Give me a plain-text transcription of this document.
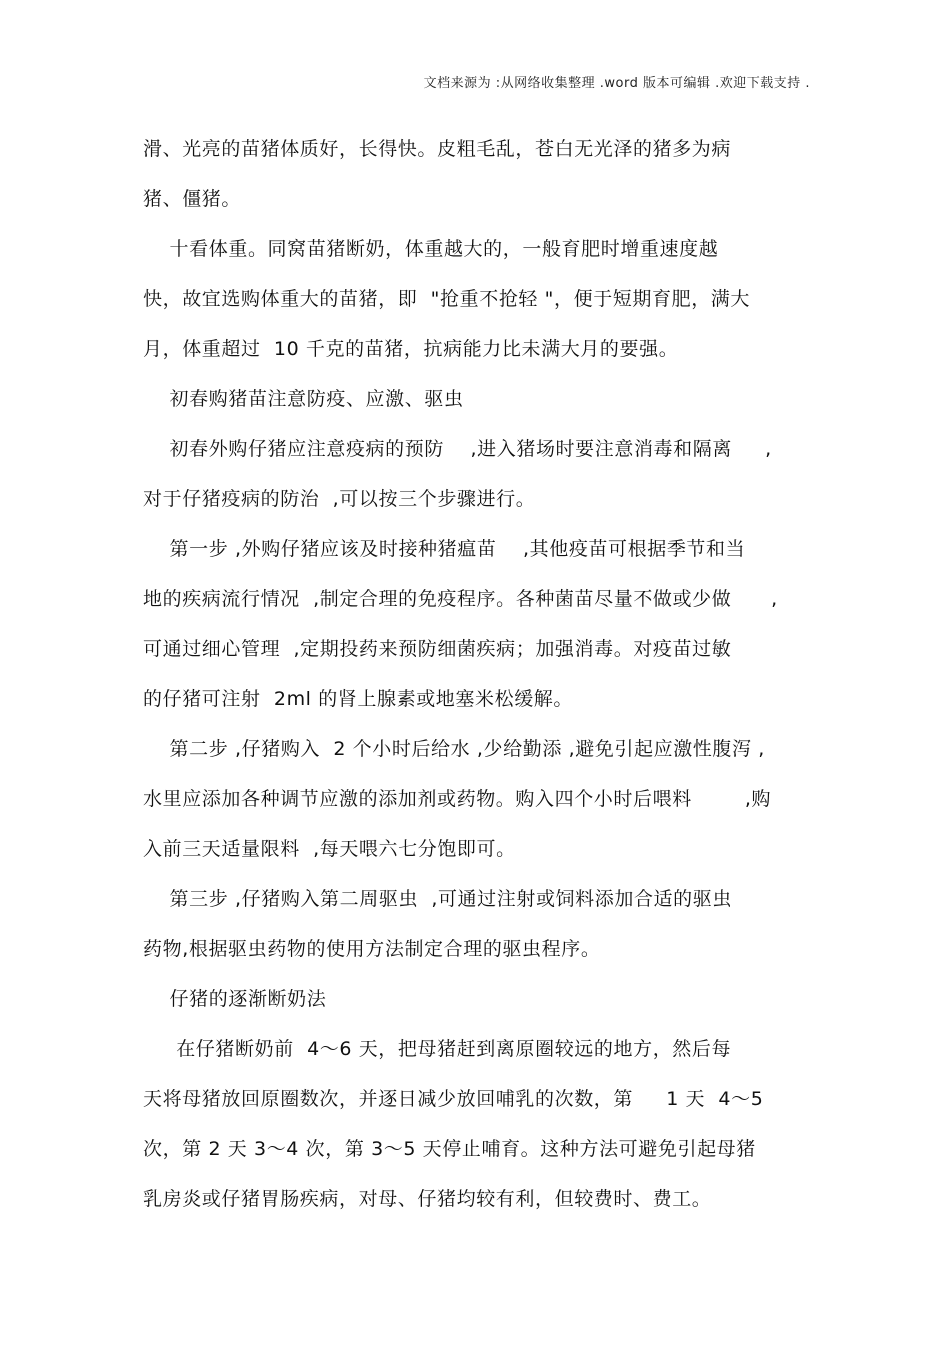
文档来源为 :从网络收集整理 .word 版本可编辑 .欢迎下载支持 .
滑、光亮的苗猪体质好，长得快。皮粗毛乱，苍白无光泽的猪多为病
猪、僵猪。
十看体重。同窝苗猪断奶，体重越大的，一般育肥时增重速度越
快，故宜选购体重大的苗猪，即  "抢重不抢轻 "，便于短期育肥，满大
月，体重超过  10 千克的苗猪，抗病能力比未满大月的要强。
初春购猪苗注意防疫、应激、驱虫
初春外购仔猪应注意疫病的预防    ,进入猪场时要注意消毒和隔离     ,
对于仔猪疫病的防治  ,可以按三个步骤进行。
第一步 ,外购仔猪应该及时接种猪瘟苗    ,其他疫苗可根据季节和当
地的疾病流行情况  ,制定合理的免疫程序。各种菌苗尽量不做或少做      ,
可通过细心管理  ,定期投药来预防细菌疾病；加强消毒。对疫苗过敏
的仔猪可注射  2ml 的肾上腺素或地塞米松缓解。
第二步 ,仔猪购入  2 个小时后给水 ,少给勤添 ,避免引起应激性腹泻 ,
水里应添加各种调节应激的添加剂或药物。购入四个小时后喂料        ,购
入前三天适量限料  ,每天喂六七分饱即可。
第三步 ,仔猪购入第二周驱虫  ,可通过注射或饲料添加合适的驱虫
药物,根据驱虫药物的使用方法制定合理的驱虫程序。
仔猪的逐渐断奶法
在仔猪断奶前  4～6 天，把母猪赶到离原圈较远的地方，然后每
天将母猪放回原圈数次，并逐日减少放回哺乳的次数，第     1 天  4～5
次，第 2 天 3～4 次，第 3～5 天停止哺育。这种方法可避免引起母猪
乳房炎或仔猪胃肠疾病，对母、仔猪均较有利，但较费时、费工。
